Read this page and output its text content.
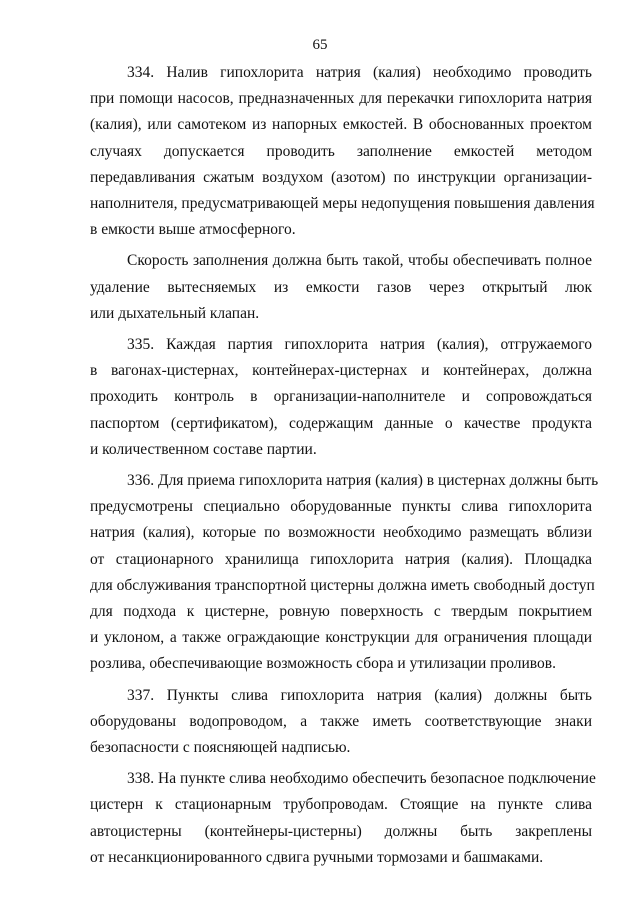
65

334. Налив гипохлорита натрия (калия) необходимо проводить
при помощи насосов, предназначенных для перекачки гипохлорита натрия
(калия), или самотеком из напорных емкостей. В обоснованных проектом
случаях допускается проводить заполнение емкостей методом
передавливания сжатым воздухом (азотом) по инструкции организации-
наполнителя, предусматривающей меры недопущения повышения давления
в емкости выше атмосферного.

Скорость заполнения должна быть такой, чтобы обеспечивать полное
удаление вытесняемых из емкости газов через открытый люк
или дыхательный клапан.

335. Каждая партия гипохлорита натрия (калия), отгружаемого
в вагонах-цистернах, контейнерах-цистернах и контейнерах, должна
проходить контроль в организации-наполнителе и сопровождаться
паспортом (сертификатом), содержащим данные о качестве продукта
и количественном составе партии.

336. Для приема гипохлорита натрия (калия) в цистернах должны быть
предусмотрены специально оборудованные пункты слива гипохлорита
натрия (калия), которые по возможности необходимо размещать вблизи
от стационарного хранилища гипохлорита натрия (калия). Площадка
для обслуживания транспортной цистерны должна иметь свободный доступ
для подхода к цистерне, ровную поверхность с твердым покрытием
и уклоном, а также ограждающие конструкции для ограничения площади
розлива, обеспечивающие возможность сбора и утилизации проливов.

337. Пункты слива гипохлорита натрия (калия) должны быть
оборудованы водопроводом, а также иметь соответствующие знаки
безопасности с поясняющей надписью.

338. На пункте слива необходимо обеспечить безопасное подключение
цистерн к стационарным трубопроводам. Стоящие на пункте слива
автоцистерны (контейнеры-цистерны) должны быть закреплены
от несанкционированного сдвига ручными тормозами и башмаками.
